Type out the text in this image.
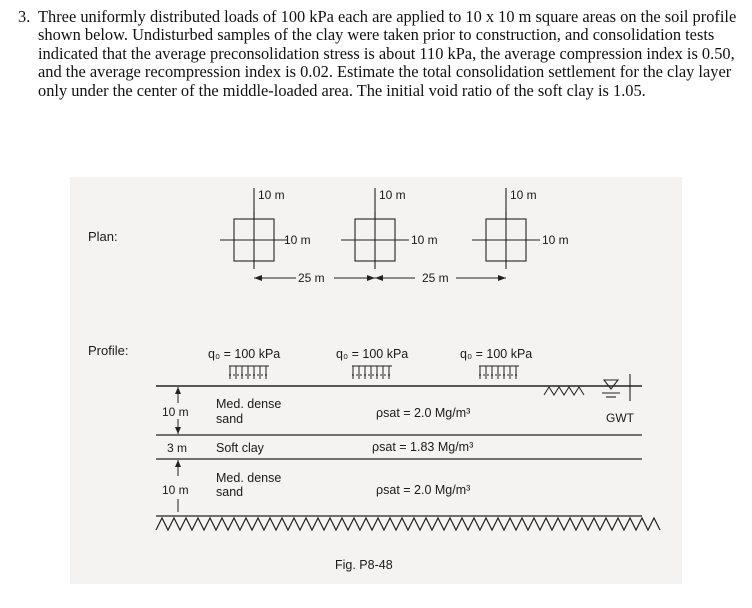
3. Three uniformly distributed loads of 100 kPa each are applied to 10 x 10 m square areas on the soil profile shown below. Undisturbed samples of the clay were taken prior to construction, and consolidation tests indicated that the average preconsolidation stress is about 110 kPa, the average compression index is 0.50, and the average recompression index is 0.02. Estimate the total consolidation settlement for the clay layer only under the center of the middle-loaded area. The initial void ratio of the soft clay is 1.05.
Plan:
10 m
10 m
10 m
10 m
10 m
10 m
25 m	25 m
Profile:	q₀ = 100 kPa	q₀ = 100 kPa	q₀ = 100 kPa
GWT
10 m
3 m
10 m
Med. dense
sand
Soft clay
Med. dense
sand
ρsat = 2.0 Mg/m³
ρsat = 1.83 Mg/m³
ρsat = 2.0 Mg/m³
Fig. P8-48
